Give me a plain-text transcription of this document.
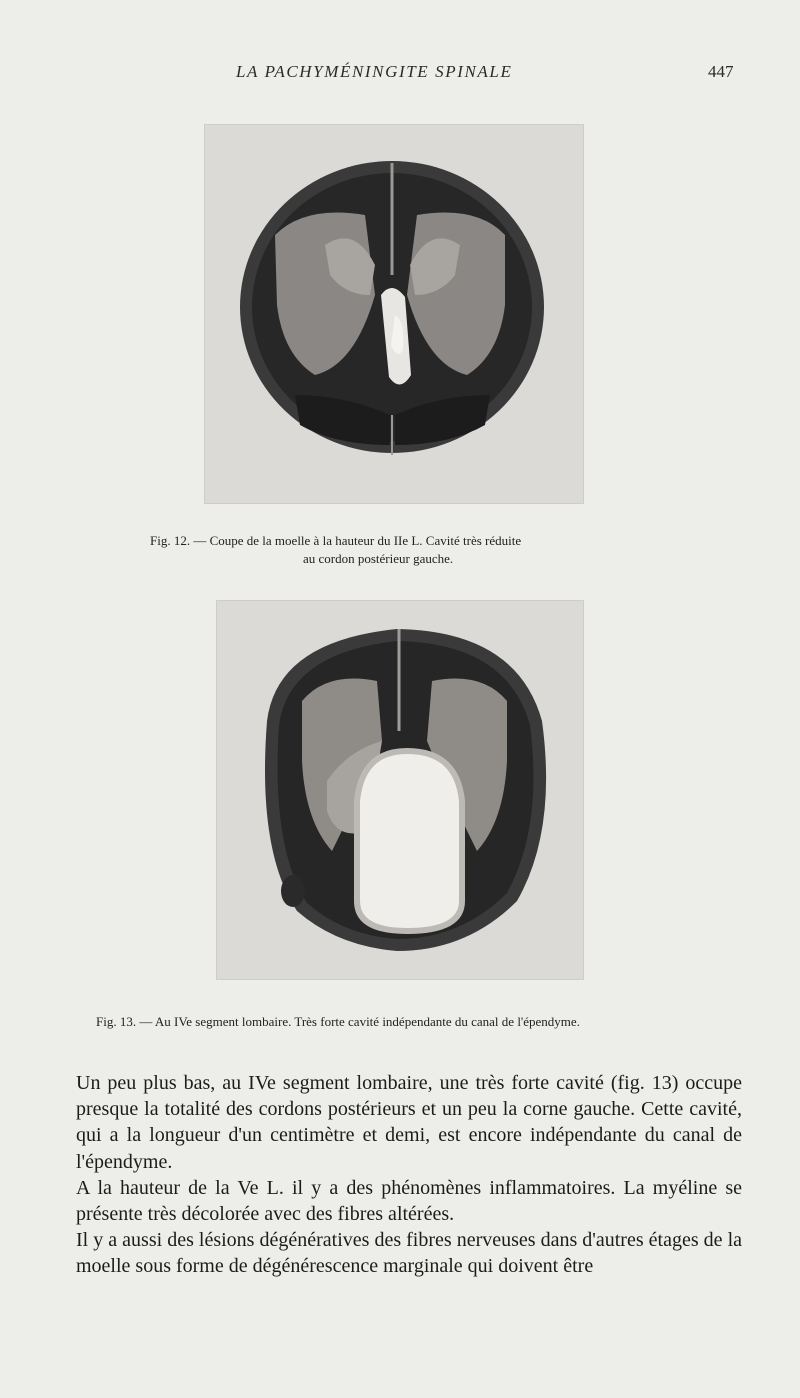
LA PACHYMÉNINGITE SPINALE	447
Fig. 12. — Coupe de la moelle à la hauteur du IIe L. Cavité très réduite
au cordon postérieur gauche.
Fig. 13. — Au IVe segment lombaire. Très forte cavité indépendante du canal de l'épendyme.

Un peu plus bas, au IVe segment lombaire, une très forte cavité (fig. 13) occupe presque la totalité des cordons postérieurs et un peu la corne gauche. Cette cavité, qui a la longueur d'un centimètre et demi, est encore indépendante du canal de l'épendyme.

A la hauteur de la Ve L. il y a des phénomènes inflammatoires. La myéline se présente très décolorée avec des fibres altérées.

Il y a aussi des lésions dégénératives des fibres nerveuses dans d'autres étages de la moelle sous forme de dégénérescence marginale qui doivent être
